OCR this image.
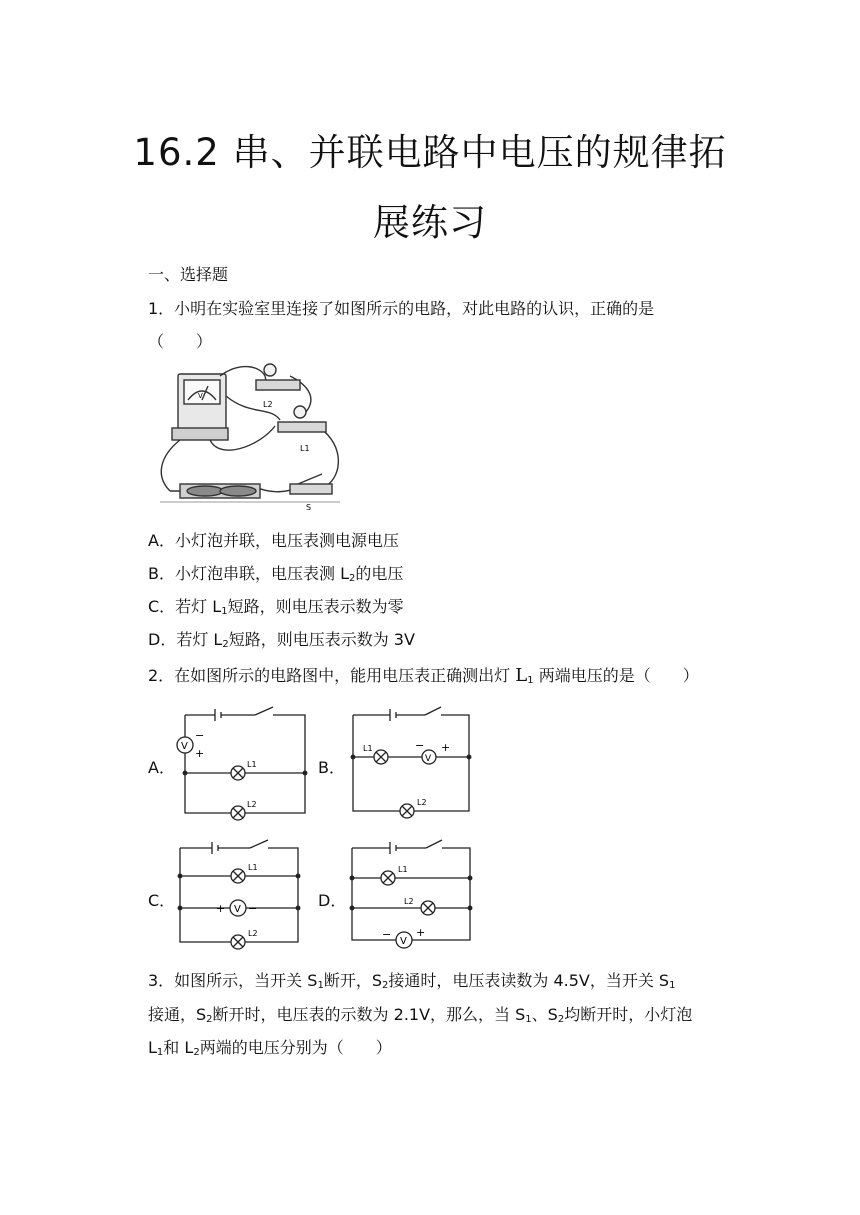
16.2 串、并联电路中电压的规律拓
展练习
一、选择题
1．小明在实验室里连接了如图所示的电路，对此电路的认识，正确的是
（　　）
L2
L1
S
V
A．小灯泡并联，电压表测电源电压
B．小灯泡串联，电压表测 $L_2$的电压
C．若灯 $L_1$短路，则电压表示数为零
D．若灯 $L_2$短路，则电压表示数为 3V
2．在如图所示的电路图中，能用电压表正确测出灯 $L_1$ 两端电压的是（　　）
A．	B．
C．	D．
V
−
+
L1
L2
V
L1	− +
L2
V
+ −
L1
L2
V
− +
L1
L2
3．如图所示，当开关 $S_1$断开，$S_2$接通时，电压表读数为 4.5V，当开关 $S_1$
接通，$S_2$断开时，电压表的示数为 2.1V，那么，当 $S_1$、$S_2$均断开时，小灯泡
$L_1$和 $L_2$两端的电压分别为（　　）
